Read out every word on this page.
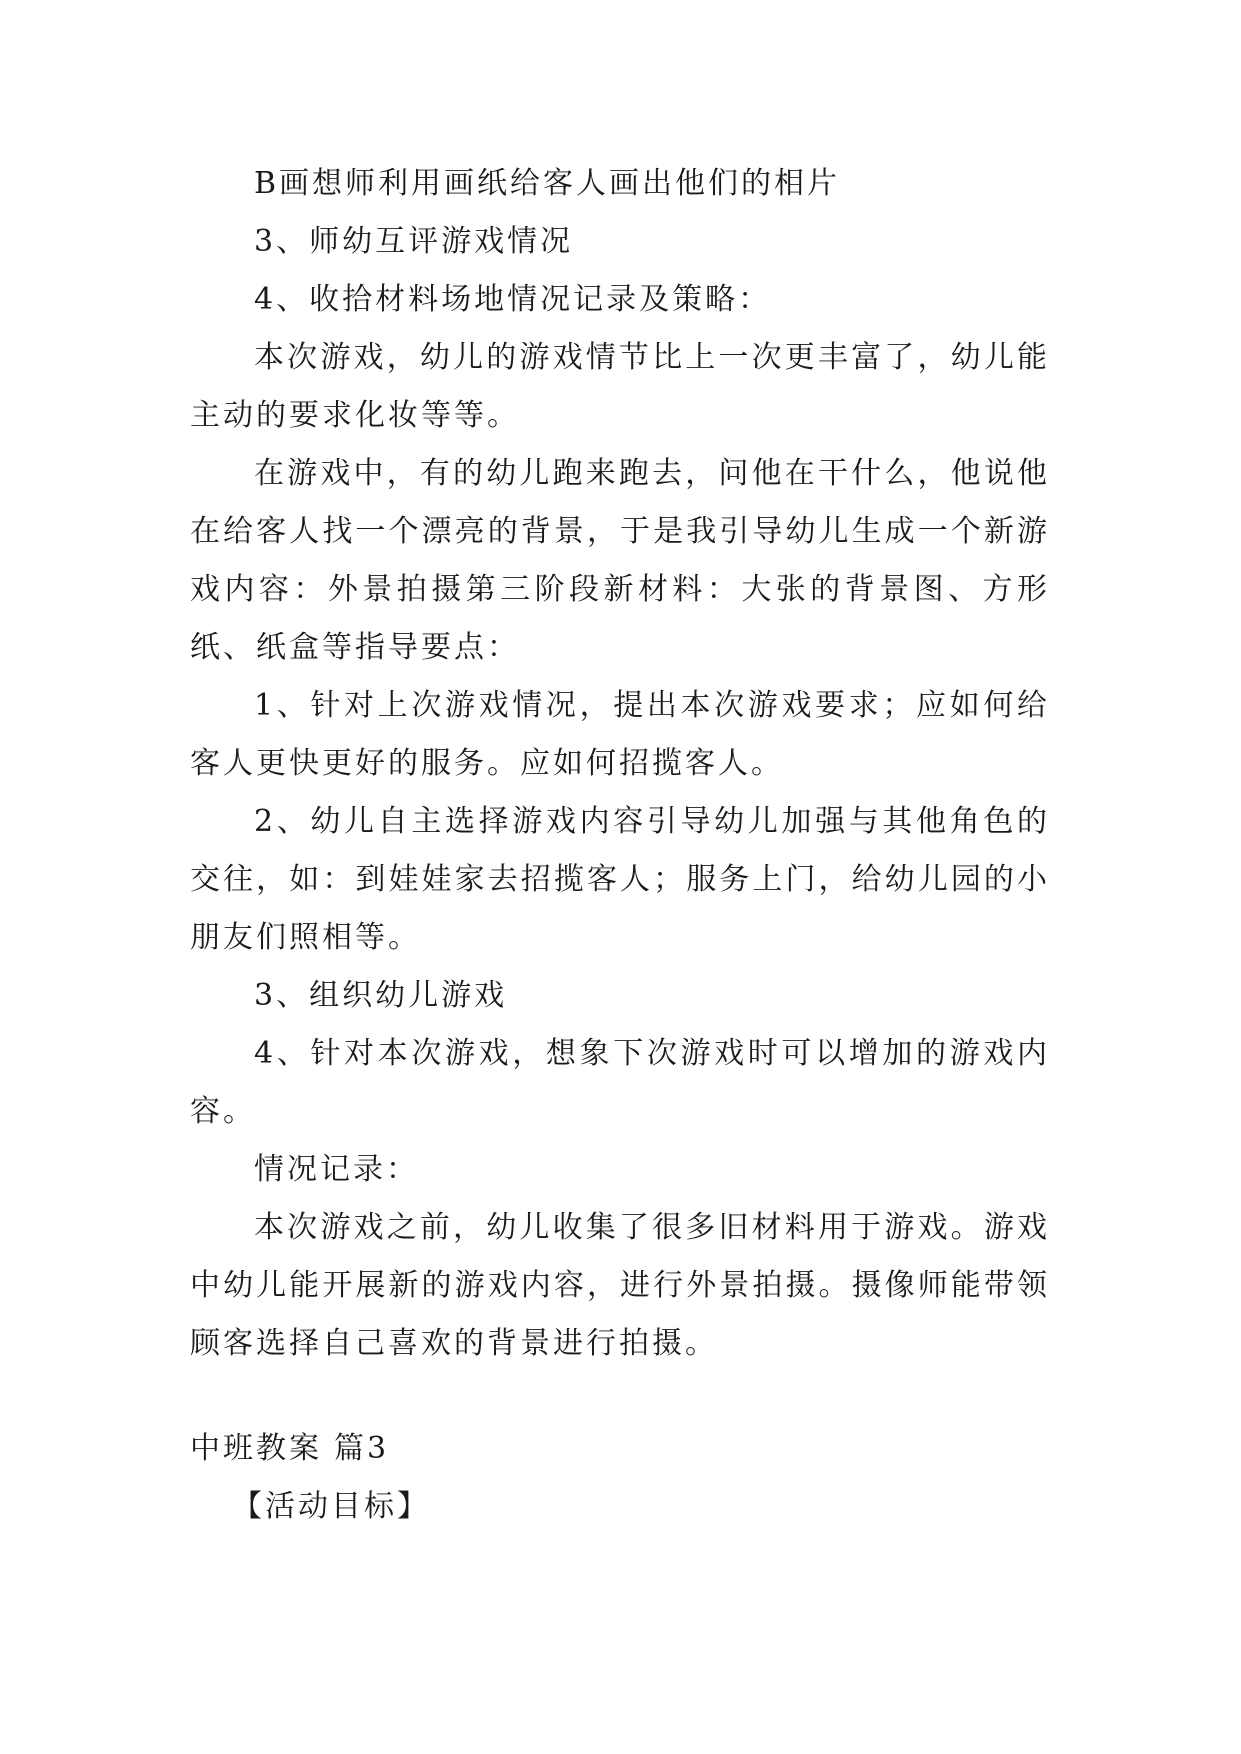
B画想师利用画纸给客人画出他们的相片

3、师幼互评游戏情况

4、收拾材料场地情况记录及策略：

本次游戏，幼儿的游戏情节比上一次更丰富了，幼儿能主动的要求化妆等等。

在游戏中，有的幼儿跑来跑去，问他在干什么，他说他在给客人找一个漂亮的背景，于是我引导幼儿生成一个新游戏内容：外景拍摄第三阶段新材料：大张的背景图、方形纸、纸盒等指导要点：

1、针对上次游戏情况，提出本次游戏要求；应如何给客人更快更好的服务。应如何招揽客人。

2、幼儿自主选择游戏内容引导幼儿加强与其他角色的交往，如：到娃娃家去招揽客人；服务上门，给幼儿园的小朋友们照相等。

3、组织幼儿游戏

4、针对本次游戏，想象下次游戏时可以增加的游戏内容。

情况记录：

本次游戏之前，幼儿收集了很多旧材料用于游戏。游戏中幼儿能开展新的游戏内容，进行外景拍摄。摄像师能带领顾客选择自己喜欢的背景进行拍摄。

中班教案 篇3

【活动目标】
